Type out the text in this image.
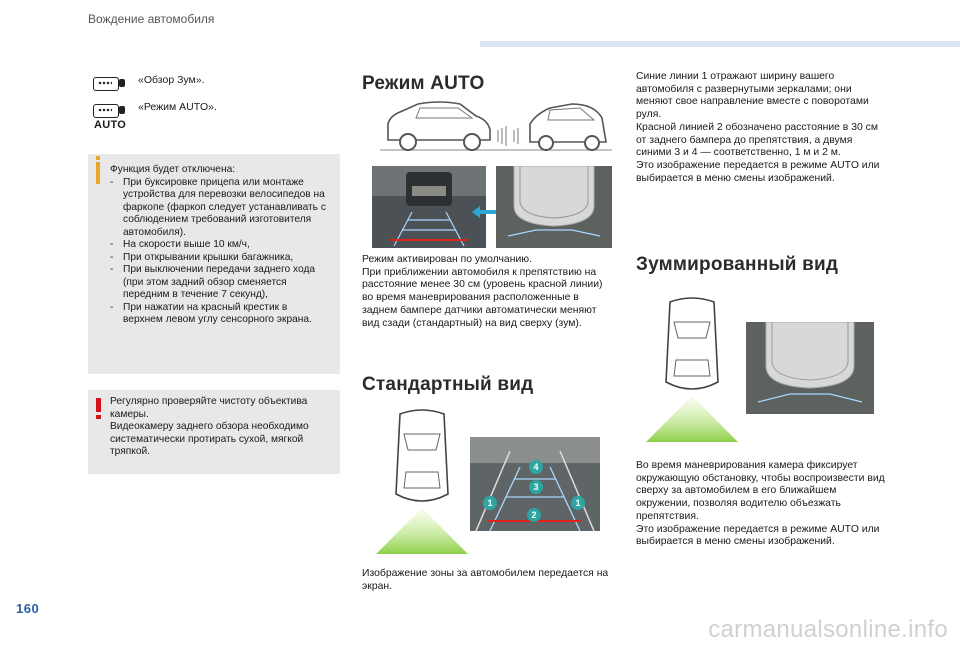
Вождение автомобиля
«Обзор Зум».
«Режим AUTO».
AUTO
Функция будет отключена:
- При буксировке прицепа или монтаже устройства для перевозки велосипедов на фаркопе (фаркоп следует устанавливать с соблюдением требований изготовителя автомобиля).
- На скорости выше 10 км/ч,
- При открывании крышки багажника,
- При выключении передачи заднего хода (при этом задний обзор сменяется передним в течение 7 секунд),
- При нажатии на красный крестик в верхнем левом углу сенсорного экрана.
Регулярно проверяйте чистоту объектива камеры.
Видеокамеру заднего обзора необходимо систематически протирать сухой, мягкой тряпкой.
Режим AUTO

Режим активирован по умолчанию.

При приближении автомобиля к препятствию на расстояние менее 30 см (уровень красной линии) во время маневрирования расположенные в заднем бампере датчики автоматически меняют вид сзади (стандартный) на вид сверху (зум).

Стандартный вид
4
3
1	1
2
Изображение зоны за автомобилем передается на экран.

Синие линии 1 отражают ширину вашего автомобиля с развернутыми зеркалами; они меняют свое направление вместе с поворотами руля.

Красной линией 2 обозначено расстояние в 30 см от заднего бампера до препятствия, а двумя синими 3 и 4 — соответственно, 1 м и 2 м.

Это изображение передается в режиме AUTO или выбирается в меню смены изображений.

Зуммированный вид

Во время маневрирования камера фиксирует окружающую обстановку, чтобы воспроизвести вид сверху за автомобилем в его ближайшем окружении, позволяя водителю объезжать препятствия.

Это изображение передается в режиме AUTO или выбирается в меню смены изображений.

160
carmanualsonline.info
